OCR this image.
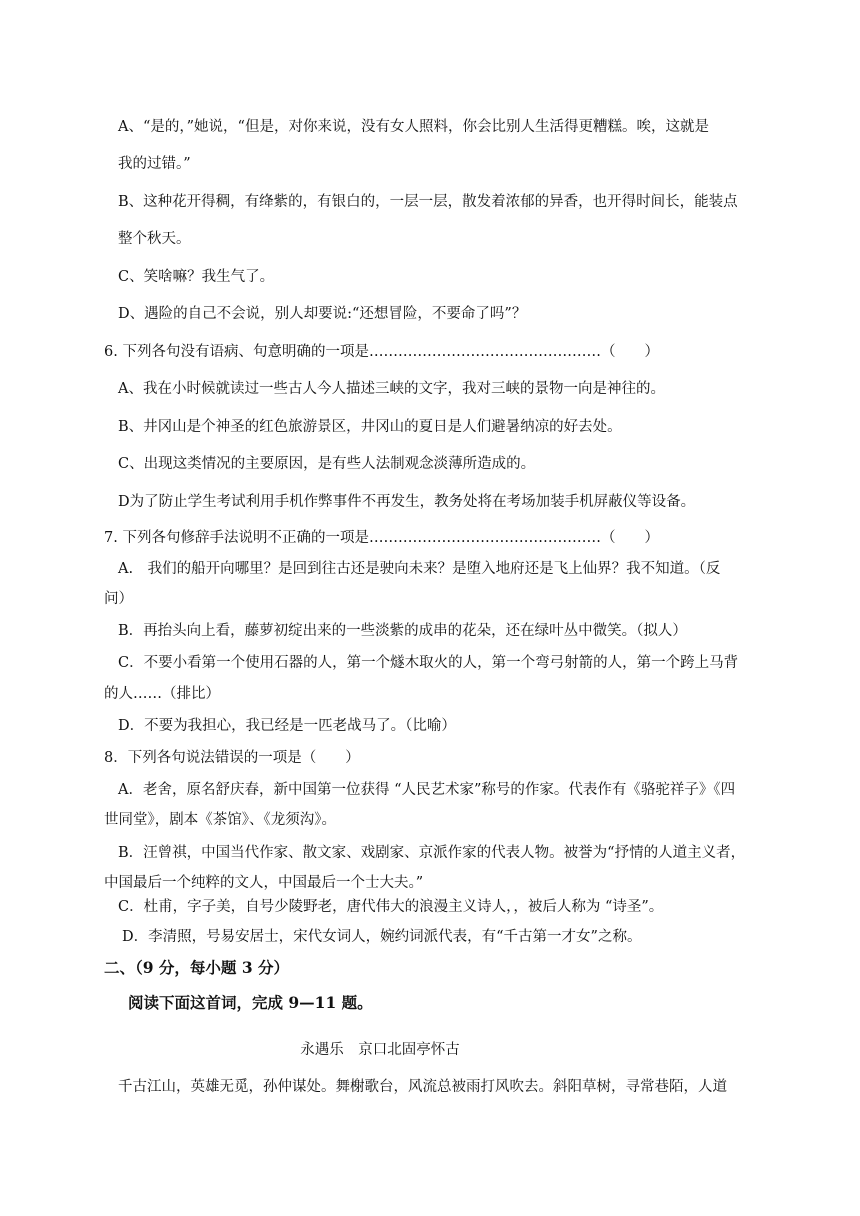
A、“是的，”她说，“但是，对你来说，没有女人照料，你会比别人生活得更糟糕。唉，这就是
我的过错。”
B、这种花开得稠，有绛紫的，有银白的，一层一层，散发着浓郁的异香，也开得时间长，能装点
整个秋天。
C、笑啥嘛？我生气了。
D、遇险的自己不会说，别人却要说:“还想冒险，不要命了吗”？
6. 下列各句没有语病、句意明确的一项是…………………………………………（　　）
A、我在小时候就读过一些古人今人描述三峡的文字，我对三峡的景物一向是神往的。
B、井冈山是个神圣的红色旅游景区，井冈山的夏日是人们避暑纳凉的好去处。
C、出现这类情况的主要原因，是有些人法制观念淡薄所造成的。
D为了防止学生考试利用手机作弊事件不再发生，教务处将在考场加装手机屏蔽仪等设备。
7. 下列各句修辞手法说明不正确的一项是…………………………………………（　　）
A.　我们的船开向哪里？是回到往古还是驶向未来？是堕入地府还是飞上仙界？我不知道。（反
问）
B．再抬头向上看，藤萝初绽出来的一些淡紫的成串的花朵，还在绿叶丛中微笑。（拟人）
C．不要小看第一个使用石器的人，第一个燧木取火的人，第一个弯弓射箭的人，第一个跨上马背
的人……（排比）
D．不要为我担心，我已经是一匹老战马了。（比喻）
8．下列各句说法错误的一项是（　　）
A．老舍，原名舒庆春，新中国第一位获得 “人民艺术家”称号的作家。代表作有《骆驼祥子》《四
世同堂》，剧本《茶馆》、《龙须沟》。
B．汪曾祺，中国当代作家、散文家、戏剧家、京派作家的代表人物。被誉为“抒情的人道主义者，
中国最后一个纯粹的文人，中国最后一个士大夫。”
C．杜甫，字子美，自号少陵野老，唐代伟大的浪漫主义诗人，，被后人称为 “诗圣”。
D．李清照，号易安居士，宋代女词人，婉约词派代表，有“千古第一才女”之称。
二、（9 分，每小题 3 分）
阅读下面这首词，完成 9—11 题。
永遇乐　京口北固亭怀古
千古江山，英雄无觅，孙仲谋处。舞榭歌台，风流总被雨打风吹去。斜阳草树，寻常巷陌，人道
